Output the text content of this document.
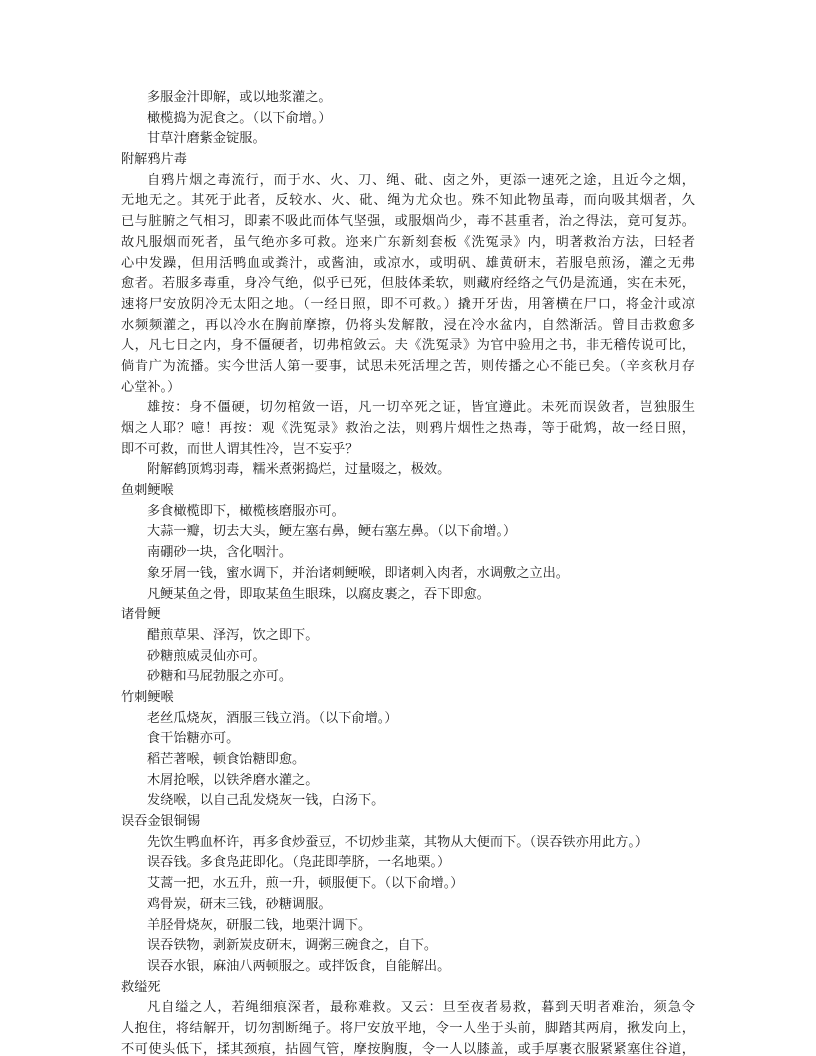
多服金汁即解，或以地浆灌之。
橄榄捣为泥食之。（以下俞增。）
甘草汁磨紫金锭服。
附解鸦片毒
自鸦片烟之毒流行，而于水、火、刀、绳、砒、卤之外，更添一速死之途，且近今之烟，
无地无之。其死于此者，反较水、火、砒、绳为尤众也。殊不知此物虽毒，而向吸其烟者，久
已与脏腑之气相习，即素不吸此而体气坚强，或服烟尚少，毒不甚重者，治之得法，竟可复苏。
故凡服烟而死者，虽气绝亦多可救。迩来广东新刻套板《洗冤录》内，明著救治方法，曰轻者
心中发躁，但用活鸭血或粪汁，或酱油，或凉水，或明矾、雄黄研末，若服皂煎汤，灌之无弗
愈者。若服多毒重，身冷气绝，似乎已死，但肢体柔软，则藏府经络之气仍是流通，实在未死，
速将尸安放阴冷无太阳之地。（一经日照，即不可救。）撬开牙齿，用箸横在尸口，将金汁或凉
水频频灌之，再以冷水在胸前摩擦，仍将头发解散，浸在冷水盆内，自然渐活。曾目击救愈多
人，凡七日之内，身不僵硬者，切弗棺敛云。夫《洗冤录》为官中验用之书，非无稽传说可比，
倘肯广为流播。实今世活人第一要事，试思未死活埋之苦，则传播之心不能已矣。（辛亥秋月存
心堂补。）
雄按：身不僵硬，切勿棺敛一语，凡一切卒死之证，皆宜遵此。未死而误敛者，岂独服生
烟之人耶？噫！再按：观《洗冤录》救治之法，则鸦片烟性之热毒，等于砒鸩，故一经日照，
即不可救，而世人谓其性冷，岂不妄乎？
附解鹤顶鸩羽毒，糯米煮粥捣烂，过量啜之，极效。
鱼刺鲠喉
多食橄榄即下，橄榄核磨服亦可。
大蒜一瓣，切去大头，鲠左塞右鼻，鲠右塞左鼻。（以下俞增。）
南硼砂一块，含化咽汁。
象牙屑一钱，蜜水调下，并治诸刺鲠喉，即诸刺入肉者，水调敷之立出。
凡鲠某鱼之骨，即取某鱼生眼珠，以腐皮裹之，吞下即愈。
诸骨鲠
醋煎草果、泽泻，饮之即下。
砂糖煎威灵仙亦可。
砂糖和马屁勃服之亦可。
竹刺鲠喉
老丝瓜烧灰，酒服三钱立消。（以下俞增。）
食干饴糖亦可。
稻芒著喉，顿食饴糖即愈。
木屑抢喉，以铁斧磨水灌之。
发绕喉，以自己乱发烧灰一钱，白汤下。
误吞金银铜锡
先饮生鸭血杯许，再多食炒蚕豆，不切炒韭菜，其物从大便而下。（误吞铁亦用此方。）
误吞钱。多食凫茈即化。（凫茈即荸脐，一名地栗。）
艾蒿一把，水五升，煎一升，顿服便下。（以下俞增。）
鸡骨炭，研末三钱，砂糖调服。
羊胫骨烧灰，研服二钱，地栗汁调下。
误吞铁物，剥新炭皮研末，调粥三碗食之，自下。
误吞水银，麻油八两顿服之。或拌饭食，自能解出。
救缢死
凡自缢之人，若绳细痕深者，最称难救。又云：旦至夜者易救，暮到天明者难治，须急令
人抱住，将结解开，切勿割断绳子。将尸安放平地，令一人坐于头前，脚踏其两肩，揪发向上，
不可使头低下，揉其颈痕，拈圆气管，摩按胸腹，令一人以膝盖，或手厚裹衣服紧紧塞住谷道，
